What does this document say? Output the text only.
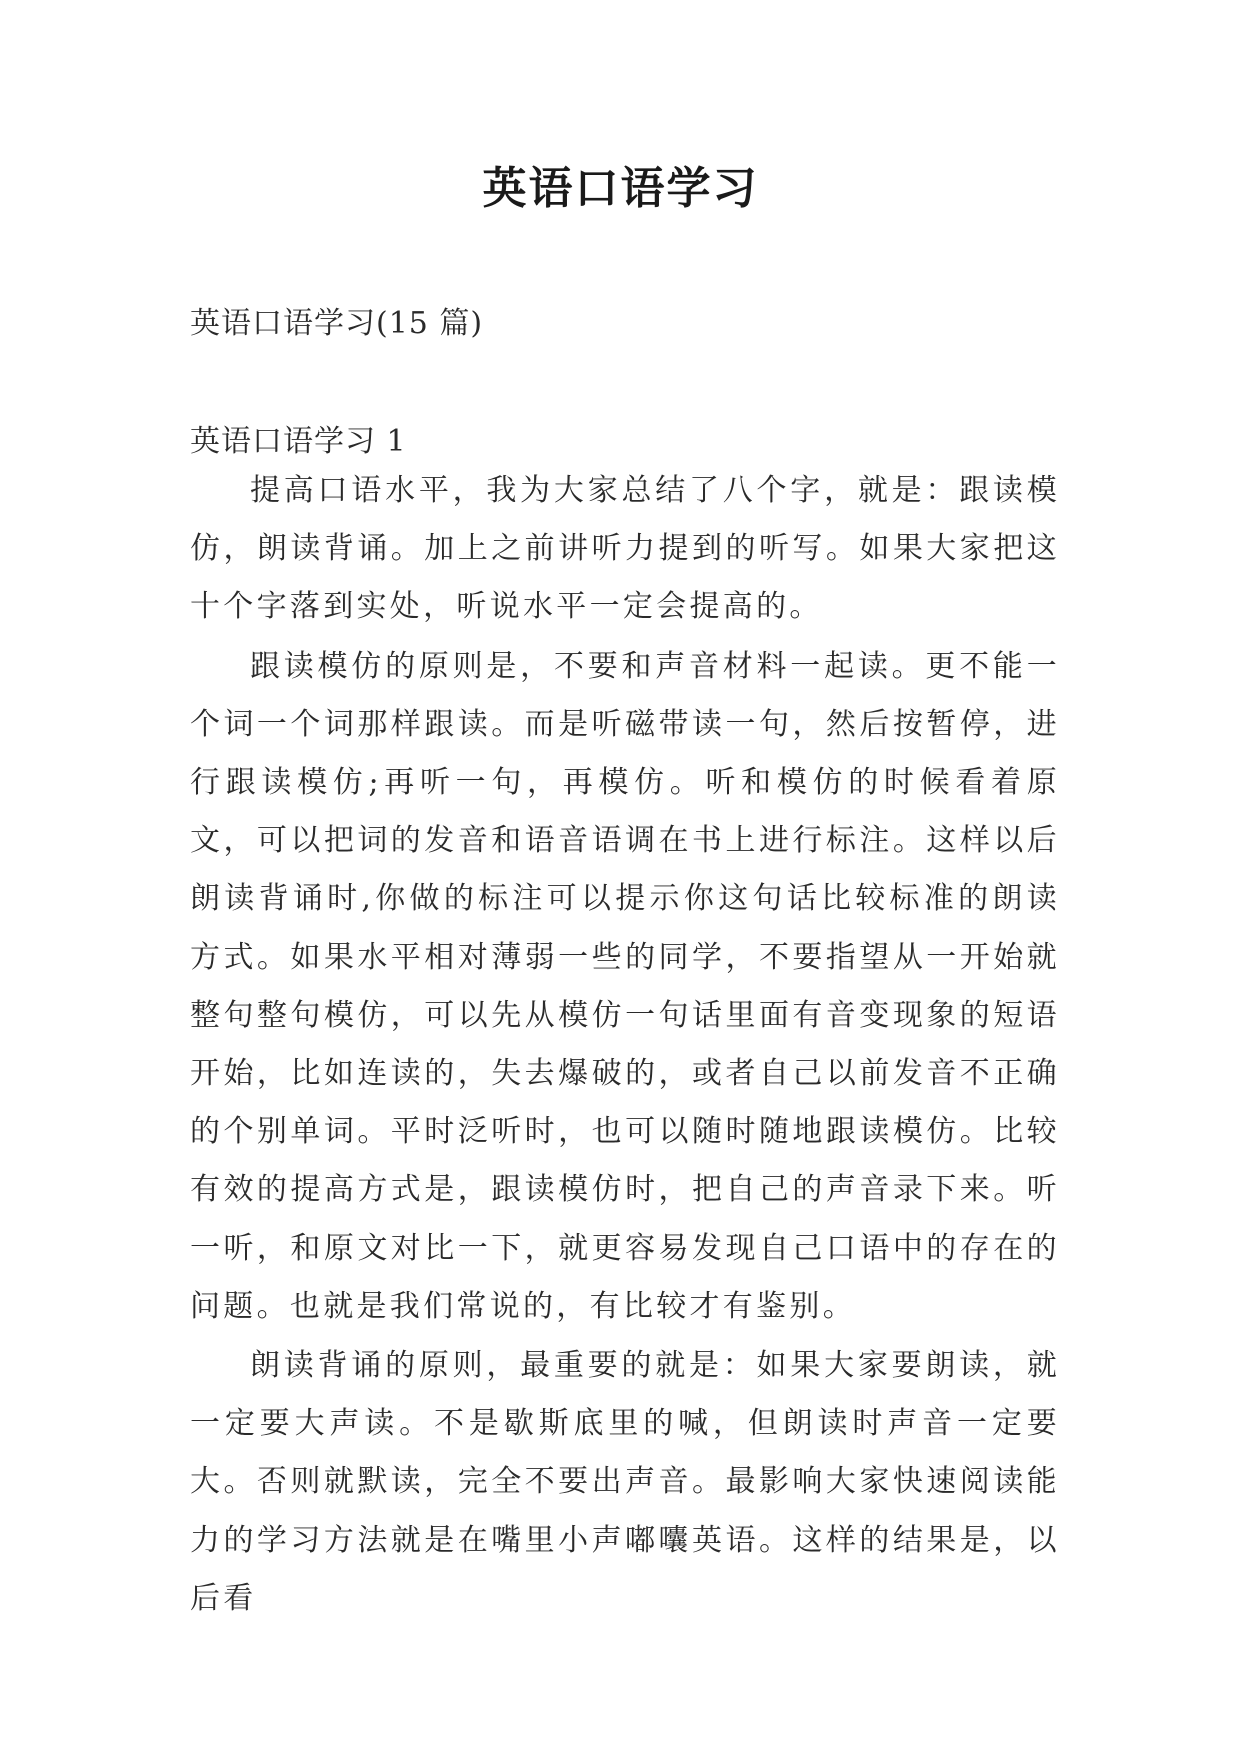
英语口语学习
英语口语学习(15 篇)
英语口语学习 1

提高口语水平，我为大家总结了八个字，就是：跟读模仿，朗读背诵。加上之前讲听力提到的听写。如果大家把这十个字落到实处，听说水平一定会提高的。

跟读模仿的原则是，不要和声音材料一起读。更不能一个词一个词那样跟读。而是听磁带读一句，然后按暂停，进行跟读模仿;再听一句，再模仿。听和模仿的时候看着原文，可以把词的发音和语音语调在书上进行标注。这样以后朗读背诵时,你做的标注可以提示你这句话比较标准的朗读方式。如果水平相对薄弱一些的同学，不要指望从一开始就整句整句模仿，可以先从模仿一句话里面有音变现象的短语开始，比如连读的，失去爆破的，或者自己以前发音不正确的个别单词。平时泛听时，也可以随时随地跟读模仿。比较有效的提高方式是，跟读模仿时，把自己的声音录下来。听一听，和原文对比一下，就更容易发现自己口语中的存在的问题。也就是我们常说的，有比较才有鉴别。

朗读背诵的原则，最重要的就是：如果大家要朗读，就一定要大声读。不是歇斯底里的喊，但朗读时声音一定要大。否则就默读，完全不要出声音。最影响大家快速阅读能力的学习方法就是在嘴里小声嘟囔英语。这样的结果是，以后看
